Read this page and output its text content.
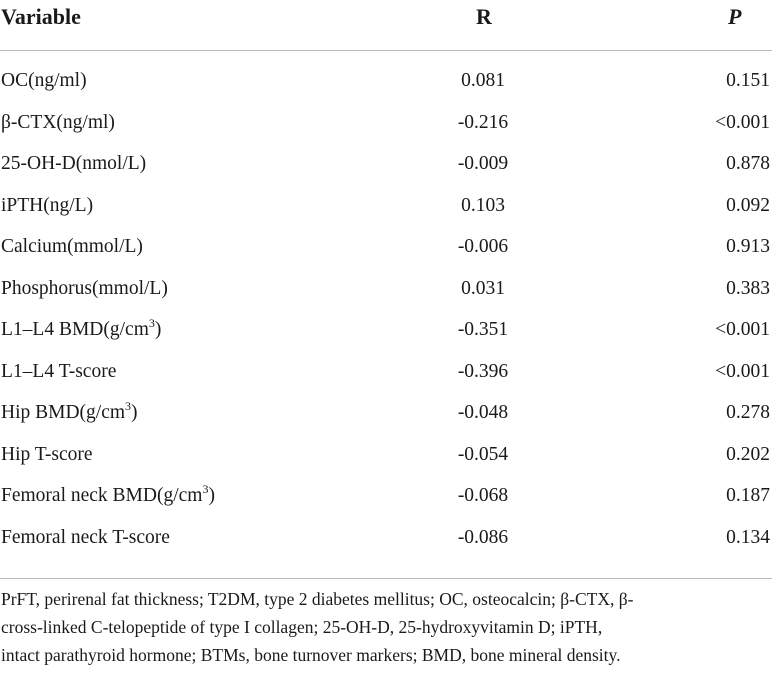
Variable	R	P
OC(ng/ml)	0.081	0.151
β-CTX(ng/ml)	-0.216	<0.001
25-OH-D(nmol/L)	-0.009	0.878
iPTH(ng/L)	0.103	0.092
Calcium(mmol/L)	-0.006	0.913
Phosphorus(mmol/L)	0.031	0.383
L1–L4 $BMD(g/cm^3)$	-0.351	<0.001
L1–L4 T-score	-0.396	<0.001
Hip $BMD(g/cm^3)$	-0.048	0.278
Hip T-score	-0.054	0.202
Femoral neck $BMD(g/cm^3)$	-0.068	0.187
Femoral neck T-score	-0.086	0.134
PrFT, perirenal fat thickness; T2DM, type 2 diabetes mellitus; OC, osteocalcin; β-CTX, β-
cross-linked C-telopeptide of type I collagen; 25-OH-D, 25-hydroxyvitamin D; iPTH,
intact parathyroid hormone; BTMs, bone turnover markers; BMD, bone mineral density.
